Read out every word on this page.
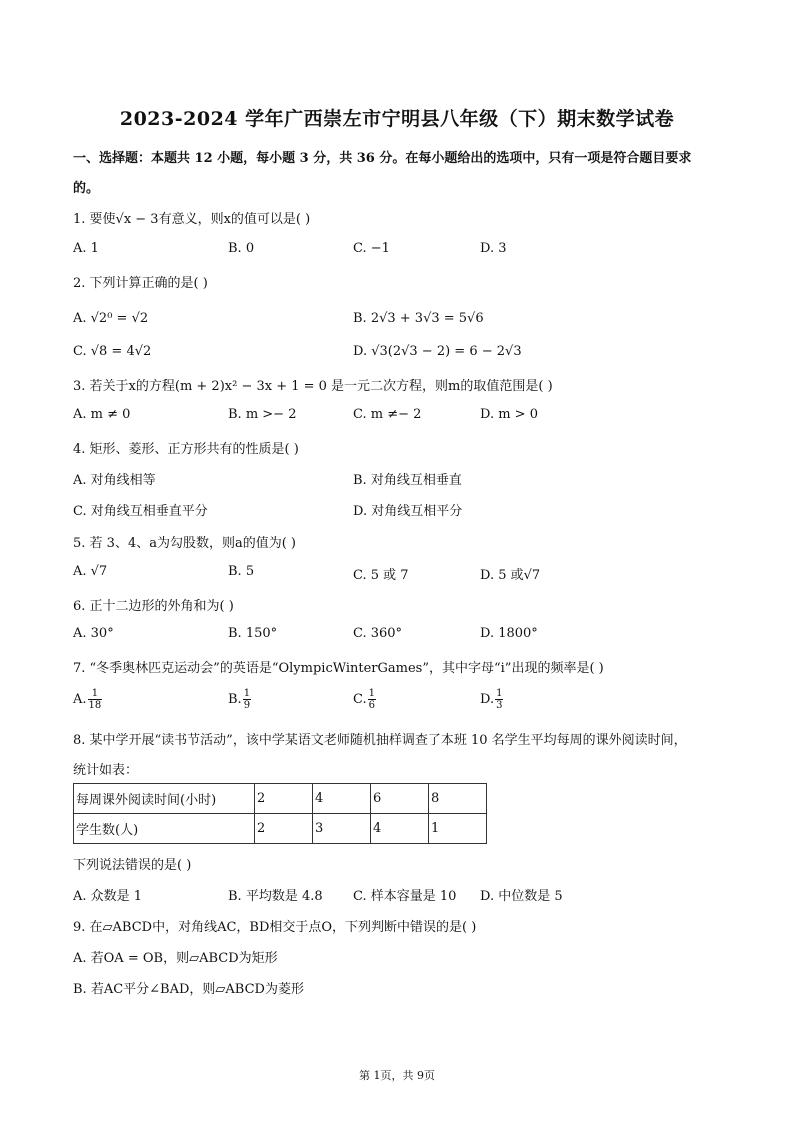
2023-2024 学年广西崇左市宁明县八年级（下）期末数学试卷
一、选择题：本题共 12 小题，每小题 3 分，共 36 分。在每小题给出的选项中，只有一项是符合题目要求
的。
1. 要使√x − 3有意义，则x的值可以是( )
A. 1	B. 0	C. −1	D. 3
2. 下列计算正确的是( )
A. √2⁰ = √2	B. 2√3 + 3√3 = 5√6
C. √8 = 4√2	D. √3(2√3 − 2) = 6 − 2√3
3. 若关于x的方程(m + 2)x² − 3x + 1 = 0 是一元二次方程，则m的取值范围是( )
A. m ≠ 0	B. m >− 2	C. m ≠− 2	D. m > 0
4. 矩形、菱形、正方形共有的性质是( )
A. 对角线相等	B. 对角线互相垂直
C. 对角线互相垂直平分	D. 对角线互相平分
5. 若 3、4、a为勾股数，则a的值为( )
A. √7	B. 5	C. 5 或 7	D. 5 或√7
6. 正十二边形的外角和为( )
A. 30°	B. 150°	C. 360°	D. 1800°
7. “冬季奥林匹克运动会”的英语是“OlympicWinterGames”，其中字母“i”出现的频率是( )
A. $\frac{1}{18}$	B. $\frac{1}{9}$	C. $\frac{1}{6}$	D. $\frac{1}{3}$
8. 某中学开展“读书节活动”，该中学某语文老师随机抽样调查了本班 10 名学生平均每周的课外阅读时间，
统计如表：
每周课外阅读时间(小时)	2	4	6	8
学生数(人)	2	3	4	1
下列说法错误的是( )
A. 众数是 1	B. 平均数是 4.8 C. 样本容量是 10 D. 中位数是 5
9. 在▱ABCD中，对角线AC，BD相交于点O，下列判断中错误的是( )
A. 若OA = OB，则▱ABCD为矩形
B. 若AC平分∠BAD，则▱ABCD为菱形
第 1页，共 9页
